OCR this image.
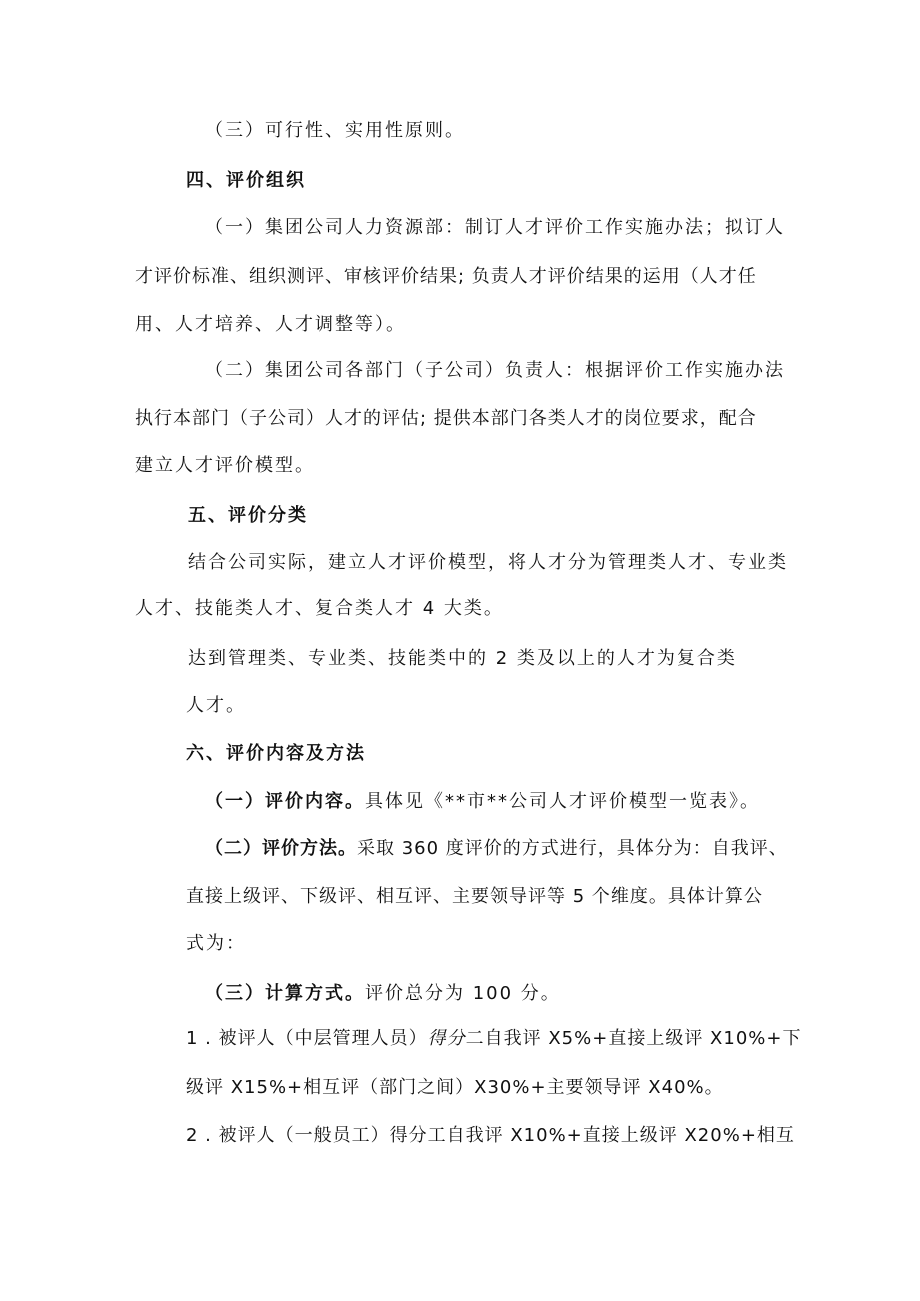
（三）可行性、实用性原则。
四、评价组织
（一）集团公司人力资源部：制订人才评价工作实施办法；拟订人
才评价标准、组织测评、审核评价结果; 负责人才评价结果的运用（人才任
用、人才培养、人才调整等）。
（二）集团公司各部门（子公司）负责人：根据评价工作实施办法
执行本部门（子公司）人才的评估; 提供本部门各类人才的岗位要求，配合
建立人才评价模型。
五、评价分类
结合公司实际，建立人才评价模型，将人才分为管理类人才、专业类
人才、技能类人才、复合类人才 4 大类。
达到管理类、专业类、技能类中的 2 类及以上的人才为复合类
人才。
六、评价内容及方法
（一）评价内容。具体见《**市**公司人才评价模型一览表》。
（二）评价方法。采取 360 度评价的方式进行，具体分为：自我评、
直接上级评、下级评、相互评、主要领导评等 5 个维度。具体计算公
式为：
（三）计算方式。评价总分为 100 分。
1 . 被评人（中层管理人员）得分二自我评 X5%+直接上级评 X10%+下
级评 X15%+相互评（部门之间）X30%+主要领导评 X40%。
2 . 被评人（一般员工）得分工自我评 X10%+直接上级评 X20%+相互
